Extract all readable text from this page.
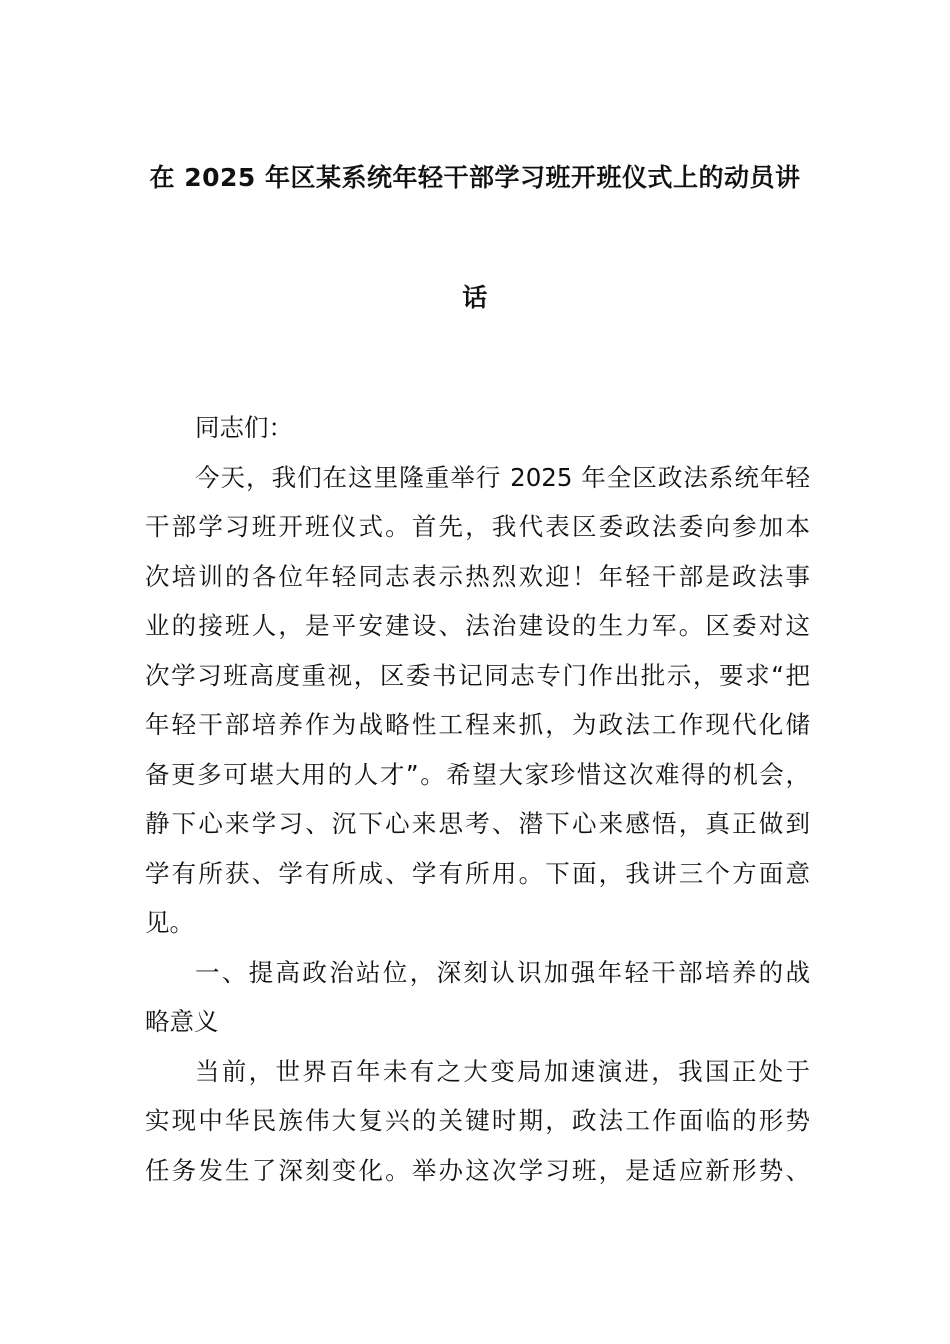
在 2025 年区某系统年轻干部学习班开班仪式上的动员讲
话
同志们：
今天，我们在这里隆重举行 2025 年全区政法系统年轻
干部学习班开班仪式。首先，我代表区委政法委向参加本
次培训的各位年轻同志表示热烈欢迎！年轻干部是政法事
业的接班人，是平安建设、法治建设的生力军。区委对这
次学习班高度重视，区委书记同志专门作出批示，要求“把
年轻干部培养作为战略性工程来抓，为政法工作现代化储
备更多可堪大用的人才”。希望大家珍惜这次难得的机会，
静下心来学习、沉下心来思考、潜下心来感悟，真正做到
学有所获、学有所成、学有所用。下面，我讲三个方面意
见。
一、提高政治站位，深刻认识加强年轻干部培养的战
略意义
当前，世界百年未有之大变局加速演进，我国正处于
实现中华民族伟大复兴的关键时期，政法工作面临的形势
任务发生了深刻变化。举办这次学习班，是适应新形势、
